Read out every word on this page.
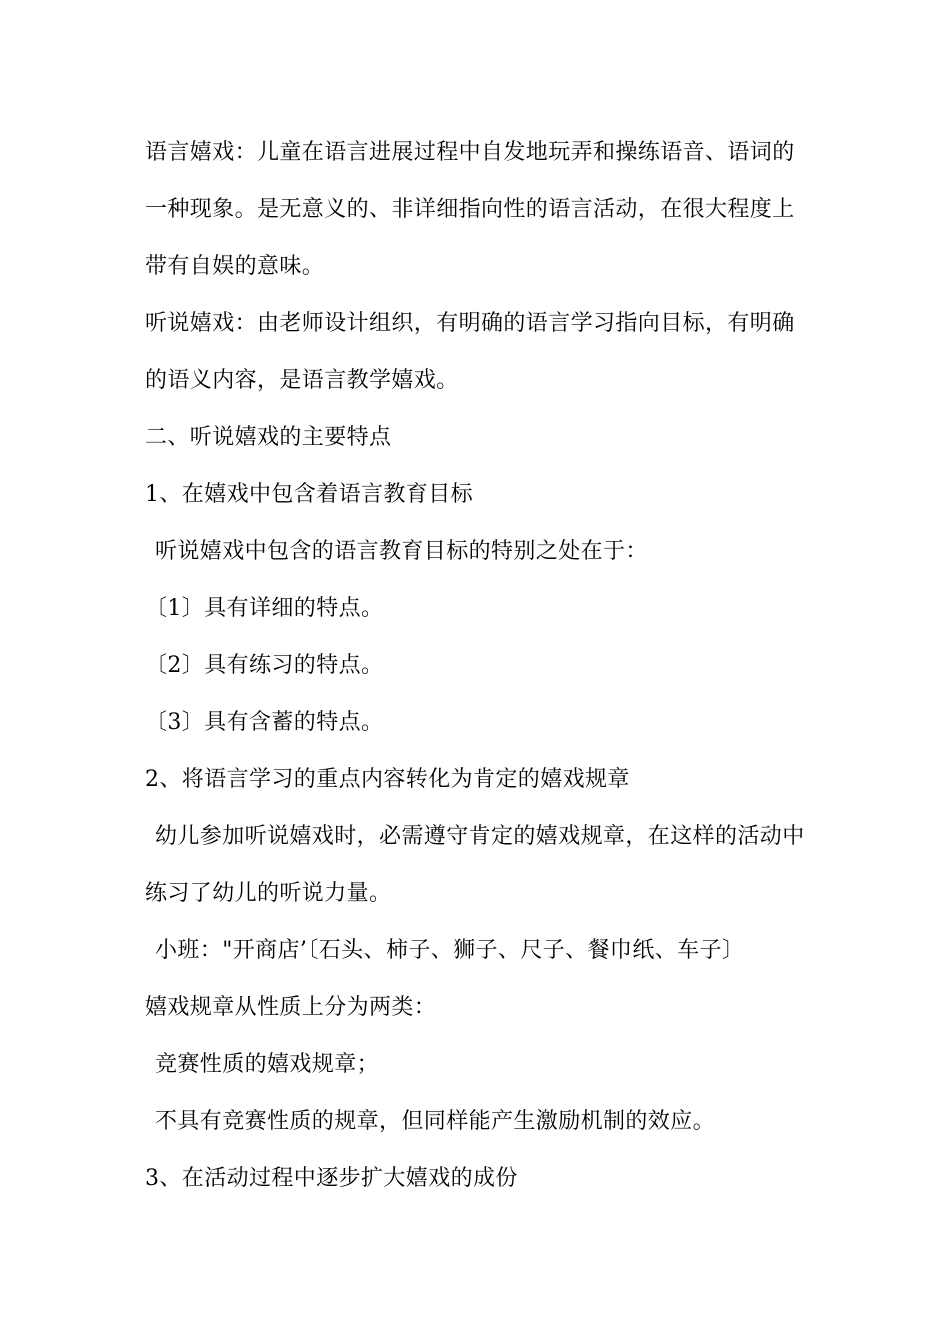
语言嬉戏：儿童在语言进展过程中自发地玩弄和操练语音、语词的
一种现象。是无意义的、非详细指向性的语言活动，在很大程度上
带有自娱的意味。
听说嬉戏：由老师设计组织，有明确的语言学习指向目标，有明确
的语义内容，是语言教学嬉戏。
二、听说嬉戏的主要特点
1、在嬉戏中包含着语言教育目标
听说嬉戏中包含的语言教育目标的特别之处在于：
〔1〕具有详细的特点。
〔2〕具有练习的特点。
〔3〕具有含蓄的特点。
2、将语言学习的重点内容转化为肯定的嬉戏规章
幼儿参加听说嬉戏时，必需遵守肯定的嬉戏规章，在这样的活动中
练习了幼儿的听说力量。
小班："开商店’〔石头、柿子、狮子、尺子、餐巾纸、车子〕
嬉戏规章从性质上分为两类：
竞赛性质的嬉戏规章；
不具有竞赛性质的规章，但同样能产生激励机制的效应。
3、在活动过程中逐步扩大嬉戏的成份
